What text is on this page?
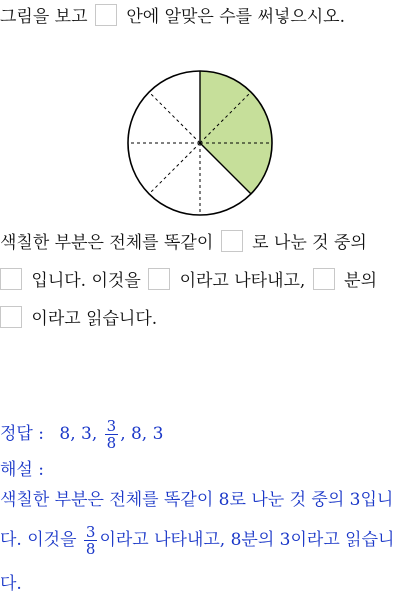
그림을 보고 안에 알맞은 수를 써넣으시오.
색칠한 부분은 전체를 똑같이 로 나눈 것 중의
입니다. 이것을 이라고 나타내고, 분의
이라고 읽습니다.
정답 : 8, 3, $\frac{3}{8}$ , 8, 3
해설 :
색칠한 부분은 전체를 똑같이 8로 나눈 것 중의 3입니
다. 이것을 $\frac{3}{8}$ 이라고 나타내고, 8분의 3이라고 읽습니
다.
